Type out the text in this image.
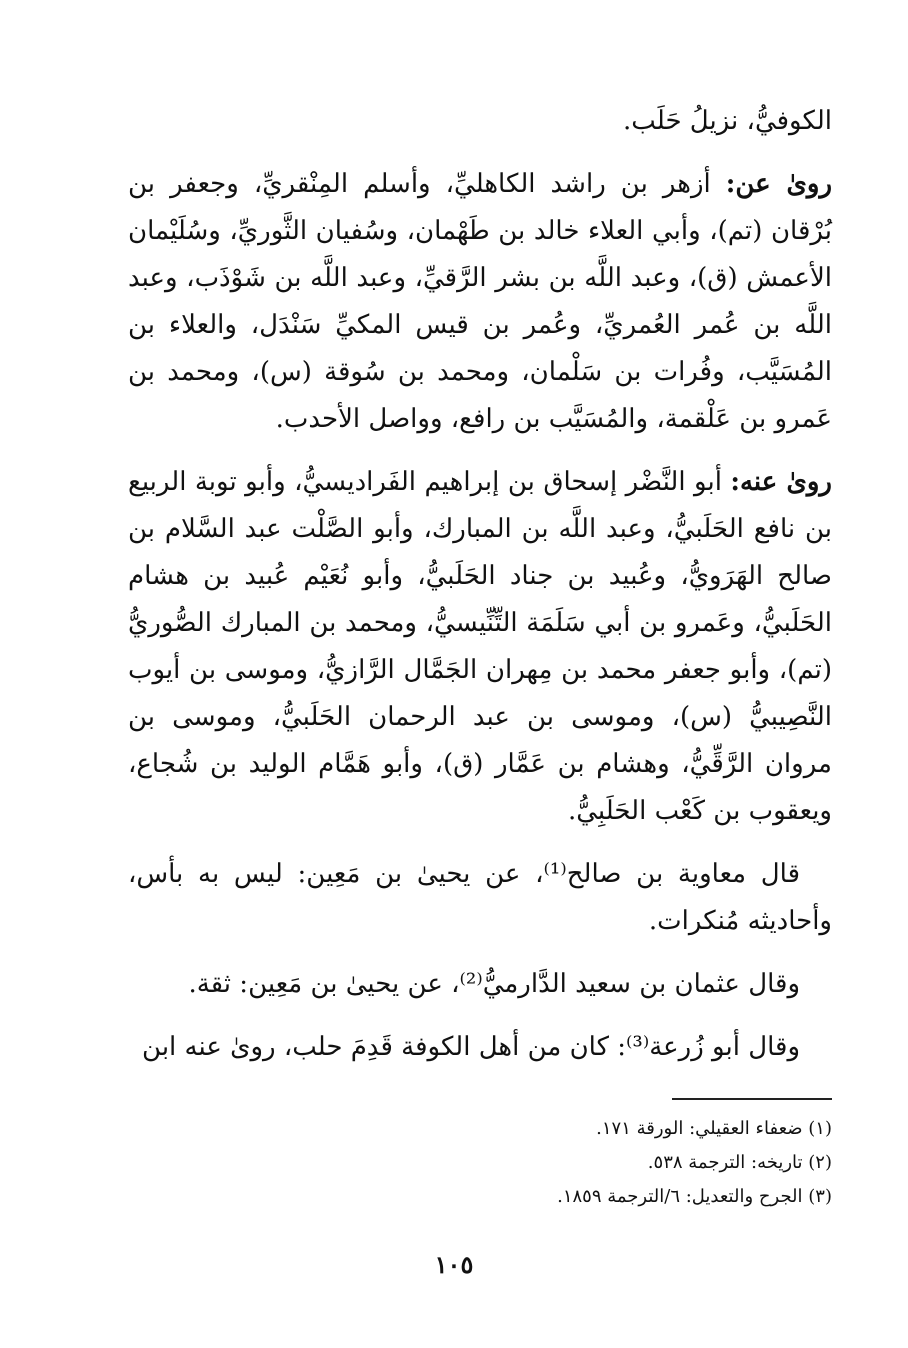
الكوفيُّ، نزيلُ حَلَب.

روىٰ عن: أزهر بن راشد الكاهليِّ، وأسلم المِنْقريِّ، وجعفر بن بُرْقان (تم)، وأبي العلاء خالد بن طَهْمان، وسُفيان الثَّوريِّ، وسُلَيْمان الأعمش (ق)، وعبد اللَّه بن بشر الرَّقيِّ، وعبد اللَّه بن شَوْذَب، وعبد اللَّه بن عُمر العُمريِّ، وعُمر بن قيس المكيِّ سَنْدَل، والعلاء بن المُسَيَّب، وفُرات بن سَلْمان، ومحمد بن سُوقة (س)، ومحمد بن عَمرو بن عَلْقمة، والمُسَيَّب بن رافع، وواصل الأحدب.

روىٰ عنه: أبو النَّضْر إسحاق بن إبراهيم الفَراديسيُّ، وأبو توبة الربيع بن نافع الحَلَبيُّ، وعبد اللَّه بن المبارك، وأبو الصَّلْت عبد السَّلام بن صالح الهَرَويُّ، وعُبيد بن جناد الحَلَبيُّ، وأبو نُعَيْم عُبيد بن هشام الحَلَبيُّ، وعَمرو بن أبي سَلَمَة التِّنِّيسيُّ، ومحمد بن المبارك الصُّوريُّ (تم)، وأبو جعفر محمد بن مِهران الجَمَّال الرَّازيُّ، وموسى بن أيوب النَّصِيبيُّ (س)، وموسى بن عبد الرحمان الحَلَبيُّ، وموسى بن مروان الرَّقِّيُّ، وهشام بن عَمَّار (ق)، وأبو هَمَّام الوليد بن شُجاع، ويعقوب بن كَعْب الحَلَبِيُّ.

قال معاوية بن صالح⁽¹⁾، عن يحيىٰ بن مَعِين: ليس به بأس، وأحاديثه مُنكرات.

وقال عثمان بن سعيد الدَّارميُّ⁽²⁾، عن يحيىٰ بن مَعِين: ثقة.

وقال أبو زُرعة⁽³⁾: كان من أهل الكوفة قَدِمَ حلب، روىٰ عنه ابن

(١) ضعفاء العقيلي: الورقة ١٧١.

(٢) تاريخه: الترجمة ٥٣٨.

(٣) الجرح والتعديل: ٦/الترجمة ١٨٥٩.

١٠٥
